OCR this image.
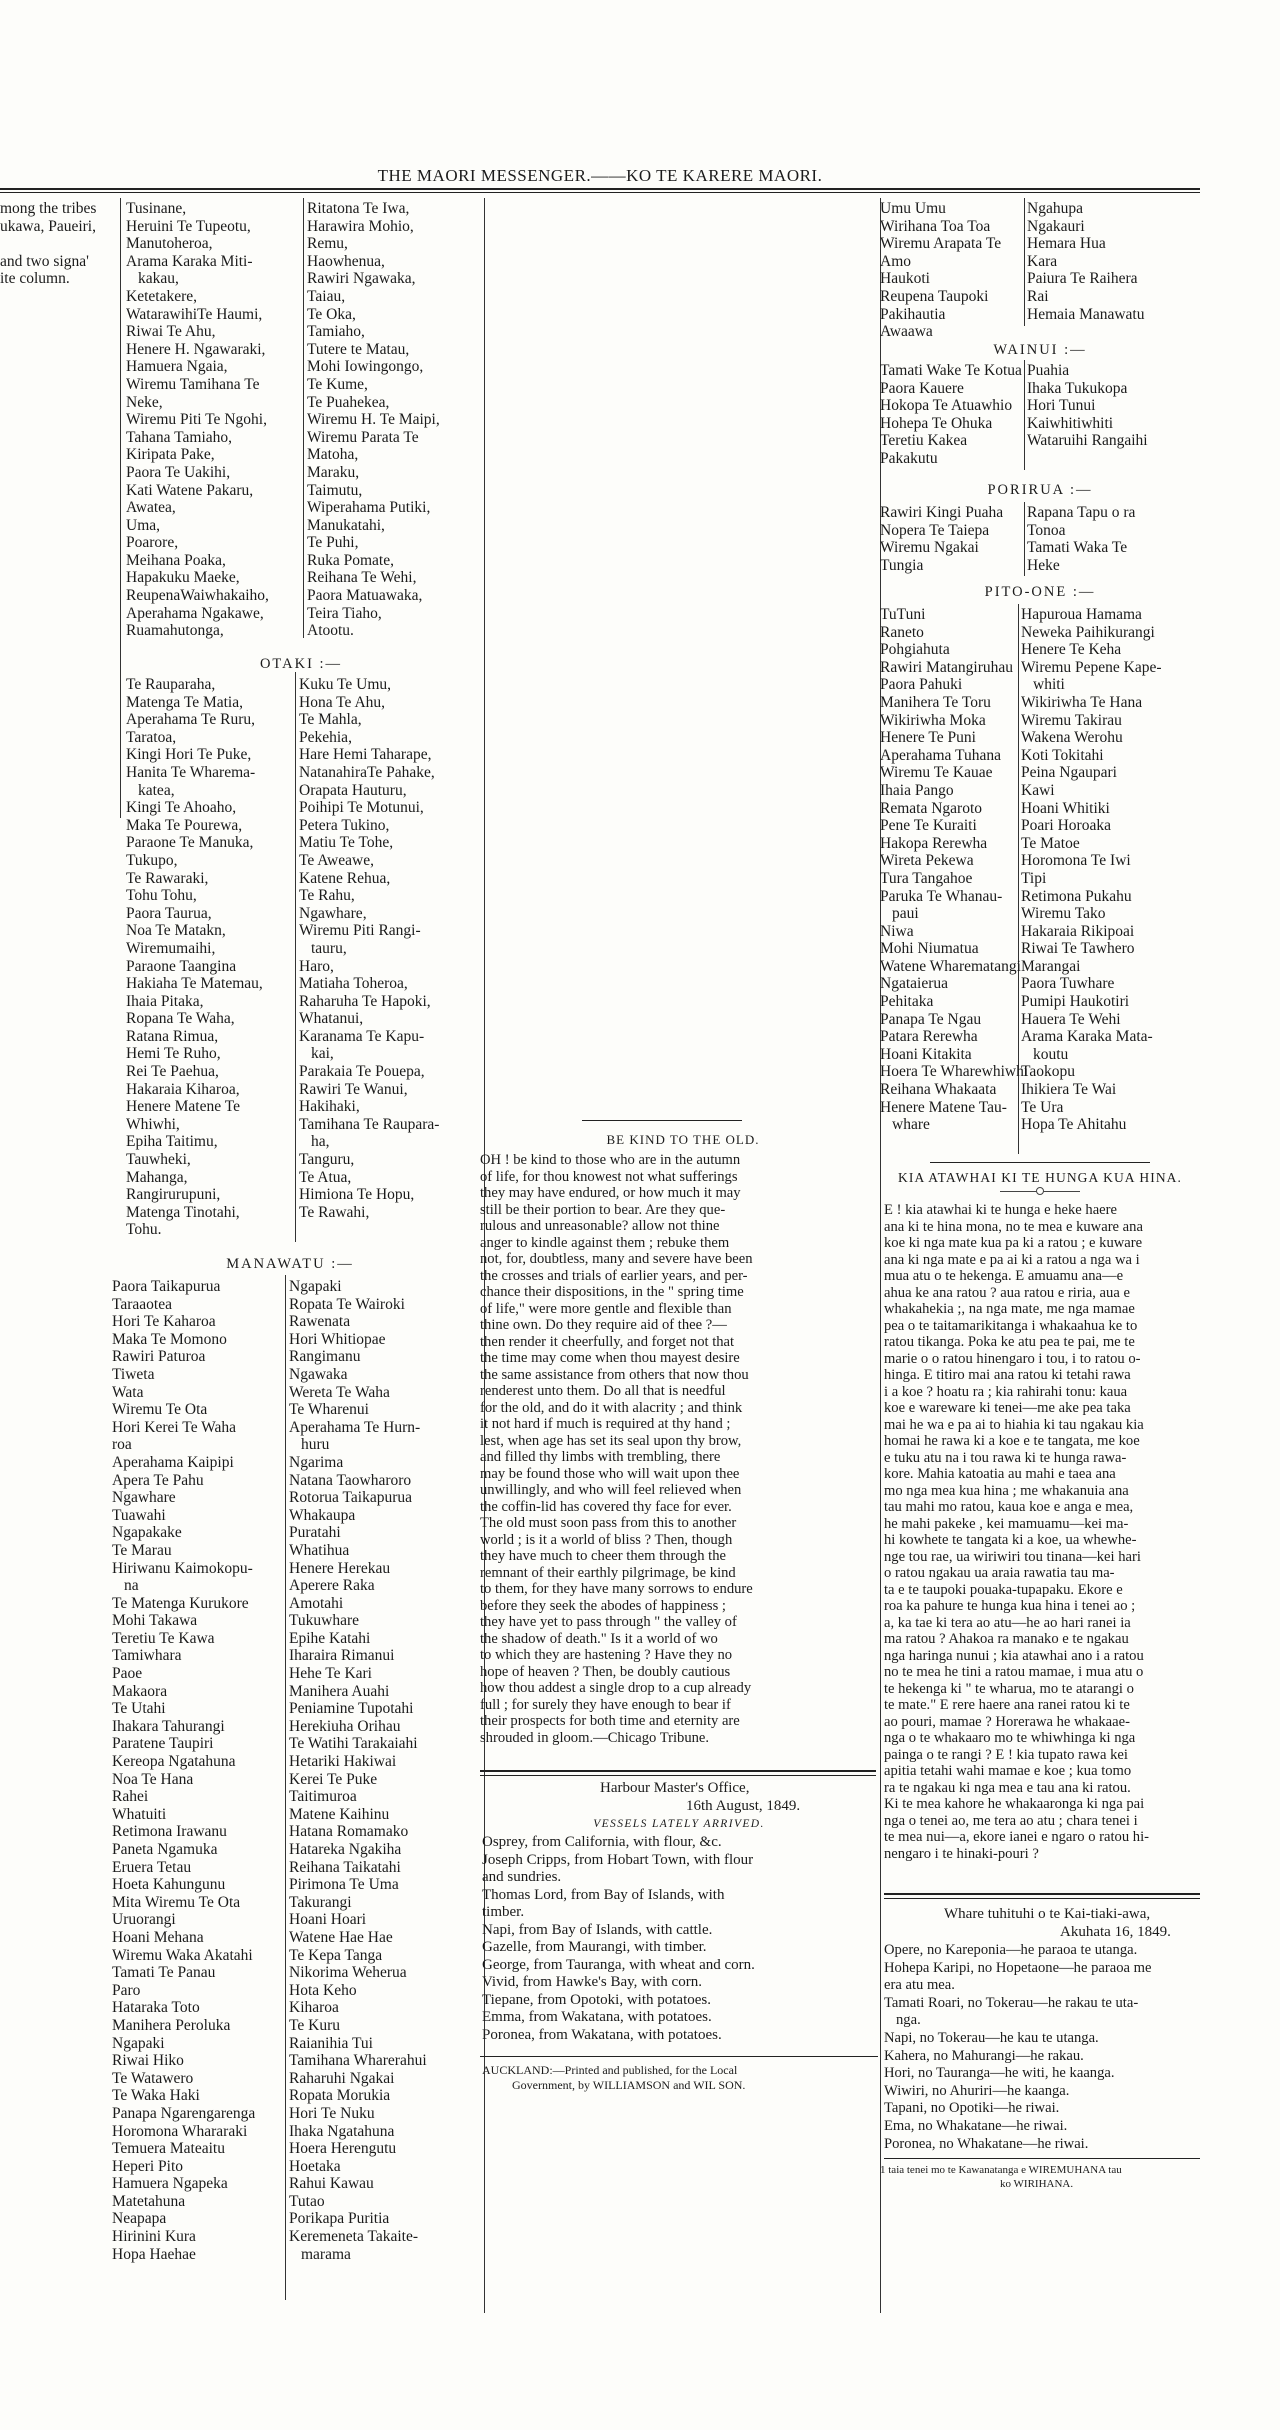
THE MAORI MESSENGER.——KO TE KARERE MAORI.
mong the tribes
ukawa, Paueiri,

and two signa'
ite column.
Tusinane,
Heruini Te Tupeotu,
Manutoheroa,
Arama Karaka Miti-
kakau,
Ketetakere,
WatarawihiTe Haumi,
Riwai Te Ahu,
Henere H. Ngawaraki,
Hamuera Ngaia,
Wiremu Tamihana Te
Neke,
Wiremu Piti Te Ngohi,
Tahana Tamiaho,
Kiripata Pake,
Paora Te Uakihi,
Kati Watene Pakaru,
Awatea,
Uma,
Poarore,
Meihana Poaka,
Hapakuku Maeke,
ReupenaWaiwhakaiho,
Aperahama Ngakawe,
Ruamahutonga,
Ritatona Te Iwa,
Harawira Mohio,
Remu,
Haowhenua,
Rawiri Ngawaka,
Taiau,
Te Oka,
Tamiaho,
Tutere te Matau,
Mohi Iowingongo,
Te Kume,
Te Puahekea,
Wiremu H. Te Maipi,
Wiremu Parata Te
Matoha,
Maraku,
Taimutu,
Wiperahama Putiki,
Manukatahi,
Te Puhi,
Ruka Pomate,
Reihana Te Wehi,
Paora Matuawaka,
Teira Tiaho,
Atootu.
OTAKI :—
Te Rauparaha,
Matenga Te Matia,
Aperahama Te Ruru,
Taratoa,
Kingi Hori Te Puke,
Hanita Te Wharema-
katea,
Kingi Te Ahoaho,
Maka Te Pourewa,
Paraone Te Manuka,
Tukupo,
Te Rawaraki,
Tohu Tohu,
Paora Taurua,
Noa Te Matakn,
Wiremumaihi,
Paraone Taangina
Hakiaha Te Matemau,
Ihaia Pitaka,
Ropana Te Waha,
Ratana Rimua,
Hemi Te Ruho,
Rei Te Paehua,
Hakaraia Kiharoa,
Henere Matene Te
Whiwhi,
Epiha Taitimu,
Tauwheki,
Mahanga,
Rangirurupuni,
Matenga Tinotahi,
Tohu.
Kuku Te Umu,
Hona Te Ahu,
Te Mahla,
Pekehia,
Hare Hemi Taharape,
NatanahiraTe Pahake,
Orapata Hauturu,
Poihipi Te Motunui,
Petera Tukino,
Matiu Te Tohe,
Te Aweawe,
Katene Rehua,
Te Rahu,
Ngawhare,
Wiremu Piti Rangi-
tauru,
Haro,
Matiaha Toheroa,
Raharuha Te Hapoki,
Whatanui,
Karanama Te Kapu-
kai,
Parakaia Te Pouepa,
Rawiri Te Wanui,
Hakihaki,
Tamihana Te Raupara-
ha,
Tanguru,
Te Atua,
Himiona Te Hopu,
Te Rawahi,
MANAWATU :—
Paora Taikapurua
Taraaotea
Hori Te Kaharoa
Maka Te Momono
Rawiri Paturoa
Tiweta
Wata
Wiremu Te Ota
Hori Kerei Te Waha
roa
Aperahama Kaipipi
Apera Te Pahu
Ngawhare
Tuawahi
Ngapakake
Te Marau
Hiriwanu Kaimokopu-
na
Te Matenga Kurukore
Mohi Takawa
Teretiu Te Kawa
Tamiwhara
Paoe
Makaora
Te Utahi
Ihakara Tahurangi
Paratene Taupiri
Kereopa Ngatahuna
Noa Te Hana
Rahei
Whatuiti
Retimona Irawanu
Paneta Ngamuka
Eruera Tetau
Hoeta Kahungunu
Mita Wiremu Te Ota
Uruorangi
Hoani Mehana
Wiremu Waka Akatahi
Tamati Te Panau
Paro
Hataraka Toto
Manihera Peroluka
Ngapaki
Riwai Hiko
Te Watawero
Te Waka Haki
Panapa Ngarengarenga
Horomona Whararaki
Temuera Mateaitu
Heperi Pito
Hamuera Ngapeka
Matetahuna
Neapapa
Hirinini Kura
Hopa Haehae
Ngapaki
Ropata Te Wairoki
Rawenata
Hori Whitiopae
Rangimanu
Ngawaka
Wereta Te Waha
Te Wharenui
Aperahama Te Hurn-
huru
Ngarima
Natana Taowharoro
Rotorua Taikapurua
Whakaupa
Puratahi
Whatihua
Henere Herekau
Aperere Raka
Amotahi
Tukuwhare
Epihe Katahi
Iharaira Rimanui
Hehe Te Kari
Manihera Auahi
Peniamine Tupotahi
Herekiuha Orihau
Te Watihi Tarakaiahi
Hetariki Hakiwai
Kerei Te Puke
Taitimuroa
Matene Kaihinu
Hatana Romamako
Hatareka Ngakiha
Reihana Taikatahi
Pirimona Te Uma
Takurangi
Hoani Hoari
Watene Hae Hae
Te Kepa Tanga
Nikorima Weherua
Hota Keho
Kiharoa
Te Kuru
Raianihia Tui
Tamihana Wharerahui
Raharuhi Ngakai
Ropata Morukia
Hori Te Nuku
Ihaka Ngatahuna
Hoera Herengutu
Hoetaka
Rahui Kawau
Tutao
Porikapa Puritia
Keremeneta Takaite-
marama
BE KIND TO THE OLD.
OH ! be kind to those who are in the autumn
of life, for thou knowest not what sufferings
they may have endured, or how much it may
still be their portion to bear. Are they que-
rulous and unreasonable? allow not thine
anger to kindle against them ; rebuke them
not, for, doubtless, many and severe have been
the crosses and trials of earlier years, and per-
chance their dispositions, in the " spring time
of life," were more gentle and flexible than
thine own. Do they require aid of thee ?—
then render it cheerfully, and forget not that
the time may come when thou mayest desire
the same assistance from others that now thou
renderest unto them. Do all that is needful
for the old, and do it with alacrity ; and think
it not hard if much is required at thy hand ;
lest, when age has set its seal upon thy brow,
and filled thy limbs with trembling, there
may be found those who will wait upon thee
unwillingly, and who will feel relieved when
the coffin-lid has covered thy face for ever.
The old must soon pass from this to another
world ; is it a world of bliss ? Then, though
they have much to cheer them through the
remnant of their earthly pilgrimage, be kind
to them, for they have many sorrows to endure
before they seek the abodes of happiness ;
they have yet to pass through " the valley of
the shadow of death." Is it a world of wo
to which they are hastening ? Have they no
hope of heaven ? Then, be doubly cautious
how thou addest a single drop to a cup already
full ; for surely they have enough to bear if
their prospects for both time and eternity are
shrouded in gloom.—Chicago Tribune.
Harbour Master's Office,
16th August, 1849.
VESSELS LATELY ARRIVED.
Osprey, from California, with flour, &c.
Joseph Cripps, from Hobart Town, with flour
and sundries.
Thomas Lord, from Bay of Islands, with
timber.
Napi, from Bay of Islands, with cattle.
Gazelle, from Maurangi, with timber.
George, from Tauranga, with wheat and corn.
Vivid, from Hawke's Bay, with corn.
Tiepane, from Opotoki, with potatoes.
Emma, from Wakatana, with potatoes.
Poronea, from Wakatana, with potatoes.
AUCKLAND:—Printed and published, for the Local
Government, by WILLIAMSON and WIL SON.
Umu Umu
Wirihana Toa Toa
Wiremu Arapata Te
Amo
Haukoti
Reupena Taupoki
Pakihautia
Awaawa
Ngahupa
Ngakauri
Hemara Hua
Kara
Paiura Te Raihera
Rai
Hemaia Manawatu
WAINUI :—
Tamati Wake Te Kotua
Paora Kauere
Hokopa Te Atuawhio
Hohepa Te Ohuka
Teretiu Kakea
Pakakutu
Puahia
Ihaka Tukukopa
Hori Tunui
Kaiwhitiwhiti
Wataruihi Rangaihi
PORIRUA :—
Rawiri Kingi Puaha
Nopera Te Taiepa
Wiremu Ngakai
Tungia
Rapana Tapu o ra
Tonoa
Tamati Waka Te
Heke
PITO-ONE :—
TuTuni
Raneto
Pohgiahuta
Rawiri Matangiruhau
Paora Pahuki
Manihera Te Toru
Wikiriwha Moka
Henere Te Puni
Aperahama Tuhana
Wiremu Te Kauae
Ihaia Pango
Remata Ngaroto
Pene Te Kuraiti
Hakopa Rerewha
Wireta Pekewa
Tura Tangahoe
Paruka Te Whanau-
paui
Niwa
Mohi Niumatua
Watene Wharematangi
Ngataierua
Pehitaka
Panapa Te Ngau
Patara Rerewha
Hoani Kitakita
Hoera Te Wharewhiwhi
Reihana Whakaata
Henere Matene Tau-
whare
Hapuroua Hamama
Neweka Paihikurangi
Henere Te Keha
Wiremu Pepene Kape-
whiti
Wikiriwha Te Hana
Wiremu Takirau
Wakena Werohu
Koti Tokitahi
Peina Ngaupari
Kawi
Hoani Whitiki
Poari Horoaka
Te Matoe
Horomona Te Iwi
Tipi
Retimona Pukahu
Wiremu Tako
Hakaraia Rikipoai
Riwai Te Tawhero
Marangai
Paora Tuwhare
Pumipi Haukotiri
Hauera Te Wehi
Arama Karaka Mata-
koutu
Taokopu
Ihikiera Te Wai
Te Ura
Hopa Te Ahitahu
KIA ATAWHAI KI TE HUNGA KUA HINA.
E ! kia atawhai ki te hunga e heke haere
ana ki te hina mona, no te mea e kuware ana
koe ki nga mate kua pa ki a ratou ; e kuware
ana ki nga mate e pa ai ki a ratou a nga wa i
mua atu o te hekenga. E amuamu ana—e
ahua ke ana ratou ? aua ratou e riria, aua e
whakahekia ;, na nga mate, me nga mamae
pea o te taitamarikitanga i whakaahua ke to
ratou tikanga. Poka ke atu pea te pai, me te
marie o o ratou hinengaro i tou, i to ratou o-
hinga. E titiro mai ana ratou ki tetahi rawa
i a koe ? hoatu ra ; kia rahirahi tonu: kaua
koe e wareware ki tenei—me ake pea taka
mai he wa e pa ai to hiahia ki tau ngakau kia
homai he rawa ki a koe e te tangata, me koe
e tuku atu na i tou rawa ki te hunga rawa-
kore. Mahia katoatia au mahi e taea ana
mo nga mea kua hina ; me whakanuia ana
tau mahi mo ratou, kaua koe e anga e mea,
he mahi pakeke , kei mamuamu—kei ma-
hi kowhete te tangata ki a koe, ua whewhe-
nge tou rae, ua wiriwiri tou tinana—kei hari
o ratou ngakau ua araia rawatia tau ma-
ta e te taupoki pouaka-tupapaku. Ekore e
roa ka pahure te hunga kua hina i tenei ao ;
a, ka tae ki tera ao atu—he ao hari ranei ia
ma ratou ? Ahakoa ra manako e te ngakau
nga haringa nunui ; kia atawhai ano i a ratou
no te mea he tini a ratou mamae, i mua atu o
te hekenga ki " te wharua, mo te atarangi o
te mate." E rere haere ana ranei ratou ki te
ao pouri, mamae ? Horerawa he whakaae-
nga o te whakaaro mo te whiwhinga ki nga
painga o te rangi ? E ! kia tupato rawa kei
apitia tetahi wahi mamae e koe ; kua tomo
ra te ngakau ki nga mea e tau ana ki ratou.
Ki te mea kahore he whakaaronga ki nga pai
nga o tenei ao, me tera ao atu ; chara tenei i
te mea nui—a, ekore ianei e ngaro o ratou hi-
nengaro i te hinaki-pouri ?
Whare tuhituhi o te Kai-tiaki-awa,
Akuhata 16, 1849.
Opere, no Kareponia—he paraoa te utanga.
Hohepa Karipi, no Hopetaone—he paraoa me
era atu mea.
Tamati Roari, no Tokerau—he rakau te uta-
nga.
Napi, no Tokerau—he kau te utanga.
Kahera, no Mahurangi—he rakau.
Hori, no Tauranga—he witi, he kaanga.
Wiwiri, no Ahuriri—he kaanga.
Tapani, no Opotiki—he riwai.
Ema, no Whakatane—he riwai.
Poronea, no Whakatane—he riwai.
1 taia tenei mo te Kawanatanga e WIREMUHANA tau
ko WIRIHANA.
